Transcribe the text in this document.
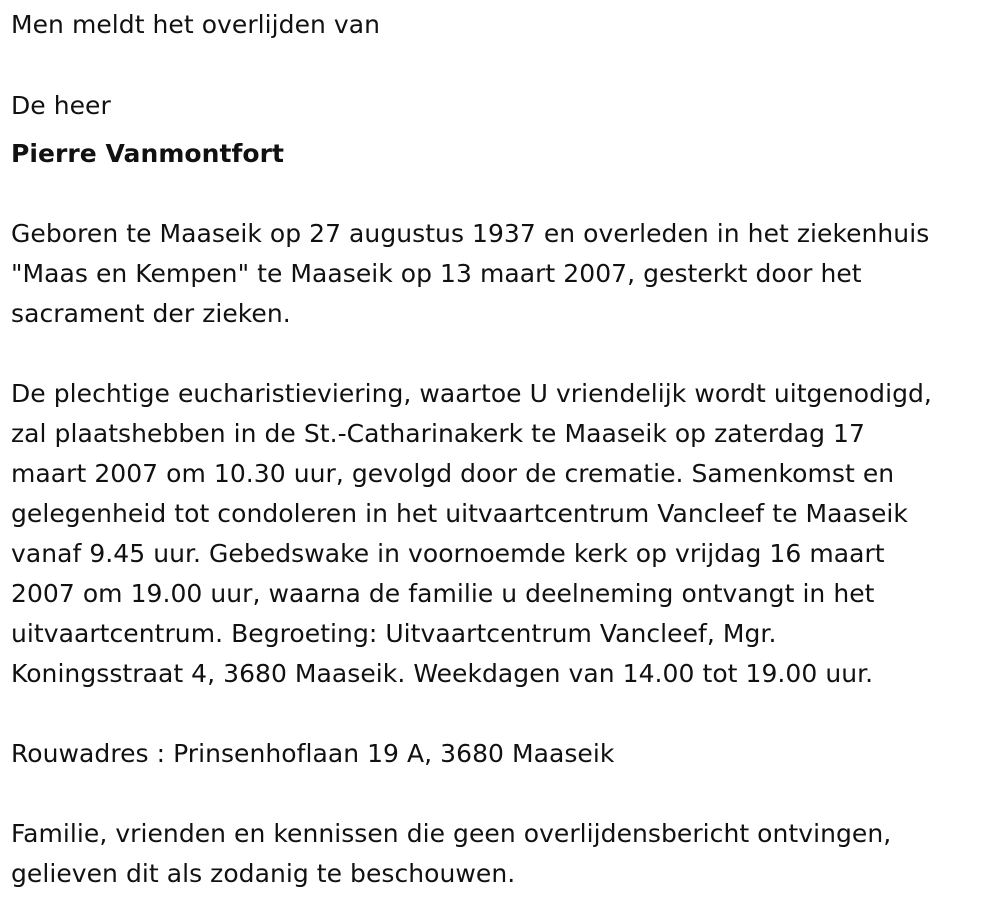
Men meldt het overlijden van
De heer
Pierre Vanmontfort
Geboren te Maaseik op 27 augustus 1937 en overleden in het ziekenhuis
"Maas en Kempen" te Maaseik op 13 maart 2007, gesterkt door het
sacrament der zieken.
De plechtige eucharistieviering, waartoe U vriendelijk wordt uitgenodigd,
zal plaatshebben in de St.-Catharinakerk te Maaseik op zaterdag 17
maart 2007 om 10.30 uur, gevolgd door de crematie. Samenkomst en
gelegenheid tot condoleren in het uitvaartcentrum Vancleef te Maaseik
vanaf 9.45 uur. Gebedswake in voornoemde kerk op vrijdag 16 maart
2007 om 19.00 uur, waarna de familie u deelneming ontvangt in het
uitvaartcentrum. Begroeting: Uitvaartcentrum Vancleef, Mgr.
Koningsstraat 4, 3680 Maaseik. Weekdagen van 14.00 tot 19.00 uur.
Rouwadres : Prinsenhoflaan 19 A, 3680 Maaseik
Familie, vrienden en kennissen die geen overlijdensbericht ontvingen,
gelieven dit als zodanig te beschouwen.
